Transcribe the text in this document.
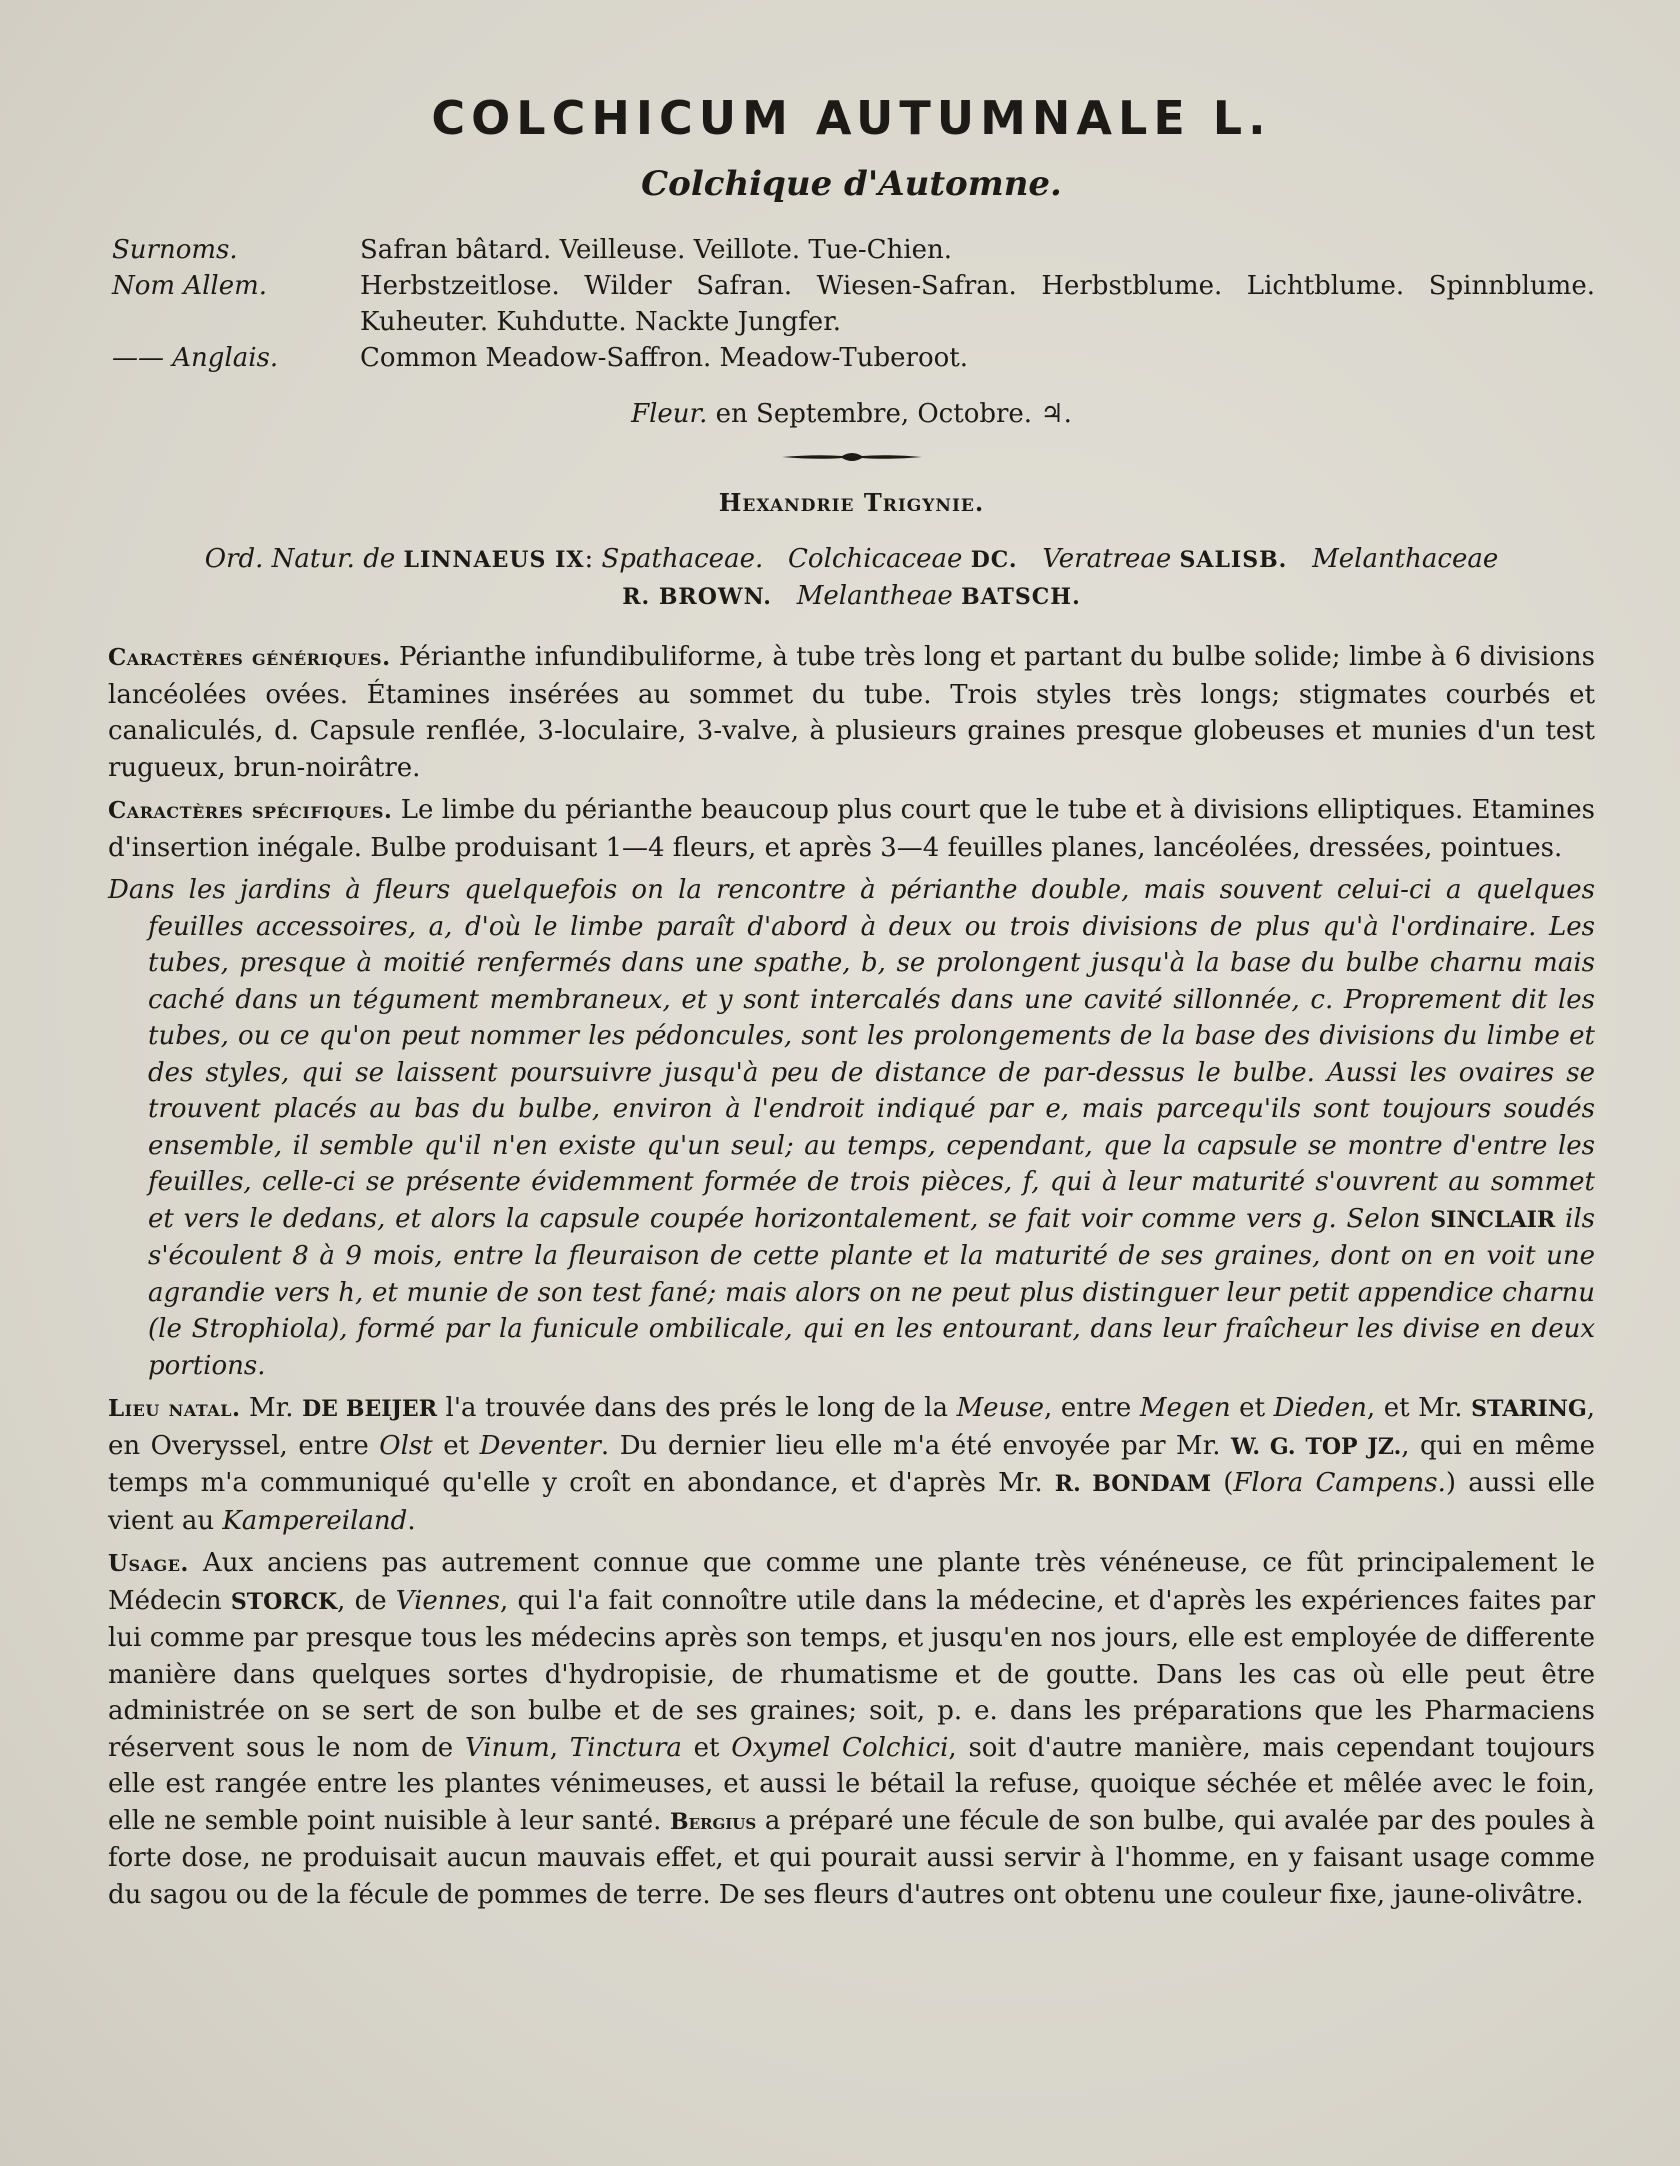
COLCHICUM AUTUMNALE L.
Colchique d'Automne.
Surnoms.	Safran bâtard. Veilleuse. Veillote. Tue-Chien.
Nom Allem.	Herbstzeitlose. Wilder Safran. Wiesen-Safran. Herbstblume. Lichtblume. Spinnblume. Kuheuter. Kuhdutte. Nackte Jungfer.
—— Anglais.	Common Meadow-Saffron. Meadow-Tuberoot.
Fleur. en Septembre, Octobre. ♃.
Hexandrie Trigynie.
Ord. Natur. de LINNAEUS IX: Spathaceae. Colchicaceae DC. Veratreae SALISB. Melanthaceae
R. BROWN. Melantheae BATSCH.

Caractères génériques. Périanthe infundibuliforme, à tube très long et partant du bulbe solide; limbe à 6 divisions lancéolées ovées. Étamines insérées au sommet du tube. Trois styles très longs; stigmates courbés et canaliculés, d. Capsule renflée, 3-loculaire, 3-valve, à plusieurs graines presque globeuses et munies d'un test rugueux, brun-noirâtre.

Caractères spécifiques. Le limbe du périanthe beaucoup plus court que le tube et à divisions elliptiques. Etamines d'insertion inégale. Bulbe produisant 1—4 fleurs, et après 3—4 feuilles planes, lancéolées, dressées, pointues.

Dans les jardins à fleurs quelquefois on la rencontre à périanthe double, mais souvent celui-ci a quelques feuilles accessoires, a, d'où le limbe paraît d'abord à deux ou trois divisions de plus qu'à l'ordinaire. Les tubes, presque à moitié renfermés dans une spathe, b, se prolongent jusqu'à la base du bulbe charnu mais caché dans un tégument membraneux, et y sont intercalés dans une cavité sillonnée, c. Proprement dit les tubes, ou ce qu'on peut nommer les pédoncules, sont les prolongements de la base des divisions du limbe et des styles, qui se laissent poursuivre jusqu'à peu de distance de par-dessus le bulbe. Aussi les ovaires se trouvent placés au bas du bulbe, environ à l'endroit indiqué par e, mais parcequ'ils sont toujours soudés ensemble, il semble qu'il n'en existe qu'un seul; au temps, cependant, que la capsule se montre d'entre les feuilles, celle-ci se présente évidemment formée de trois pièces, f, qui à leur maturité s'ouvrent au sommet et vers le dedans, et alors la capsule coupée horizontalement, se fait voir comme vers g. Selon SINCLAIR ils s'écoulent 8 à 9 mois, entre la fleuraison de cette plante et la maturité de ses graines, dont on en voit une agrandie vers h, et munie de son test fané; mais alors on ne peut plus distinguer leur petit appendice charnu (le Strophiola), formé par la funicule ombilicale, qui en les entourant, dans leur fraîcheur les divise en deux portions.

Lieu natal. Mr. DE BEIJER l'a trouvée dans des prés le long de la Meuse, entre Megen et Dieden, et Mr. STARING, en Overyssel, entre Olst et Deventer. Du dernier lieu elle m'a été envoyée par Mr. W. G. TOP JZ., qui en même temps m'a communiqué qu'elle y croît en abondance, et d'après Mr. R. BONDAM (Flora Campens.) aussi elle vient au Kampereiland.

Usage. Aux anciens pas autrement connue que comme une plante très vénéneuse, ce fût principalement le Médecin STORCK, de Viennes, qui l'a fait connoître utile dans la médecine, et d'après les expériences faites par lui comme par presque tous les médecins après son temps, et jusqu'en nos jours, elle est employée de differente manière dans quelques sortes d'hydropisie, de rhumatisme et de goutte. Dans les cas où elle peut être administrée on se sert de son bulbe et de ses graines; soit, p. e. dans les préparations que les Pharmaciens réservent sous le nom de Vinum, Tinctura et Oxymel Colchici, soit d'autre manière, mais cependant toujours elle est rangée entre les plantes vénimeuses, et aussi le bétail la refuse, quoique séchée et mêlée avec le foin, elle ne semble point nuisible à leur santé. Bergius a préparé une fécule de son bulbe, qui avalée par des poules à forte dose, ne produisait aucun mauvais effet, et qui pourait aussi servir à l'homme, en y faisant usage comme du sagou ou de la fécule de pommes de terre. De ses fleurs d'autres ont obtenu une couleur fixe, jaune-olivâtre.
